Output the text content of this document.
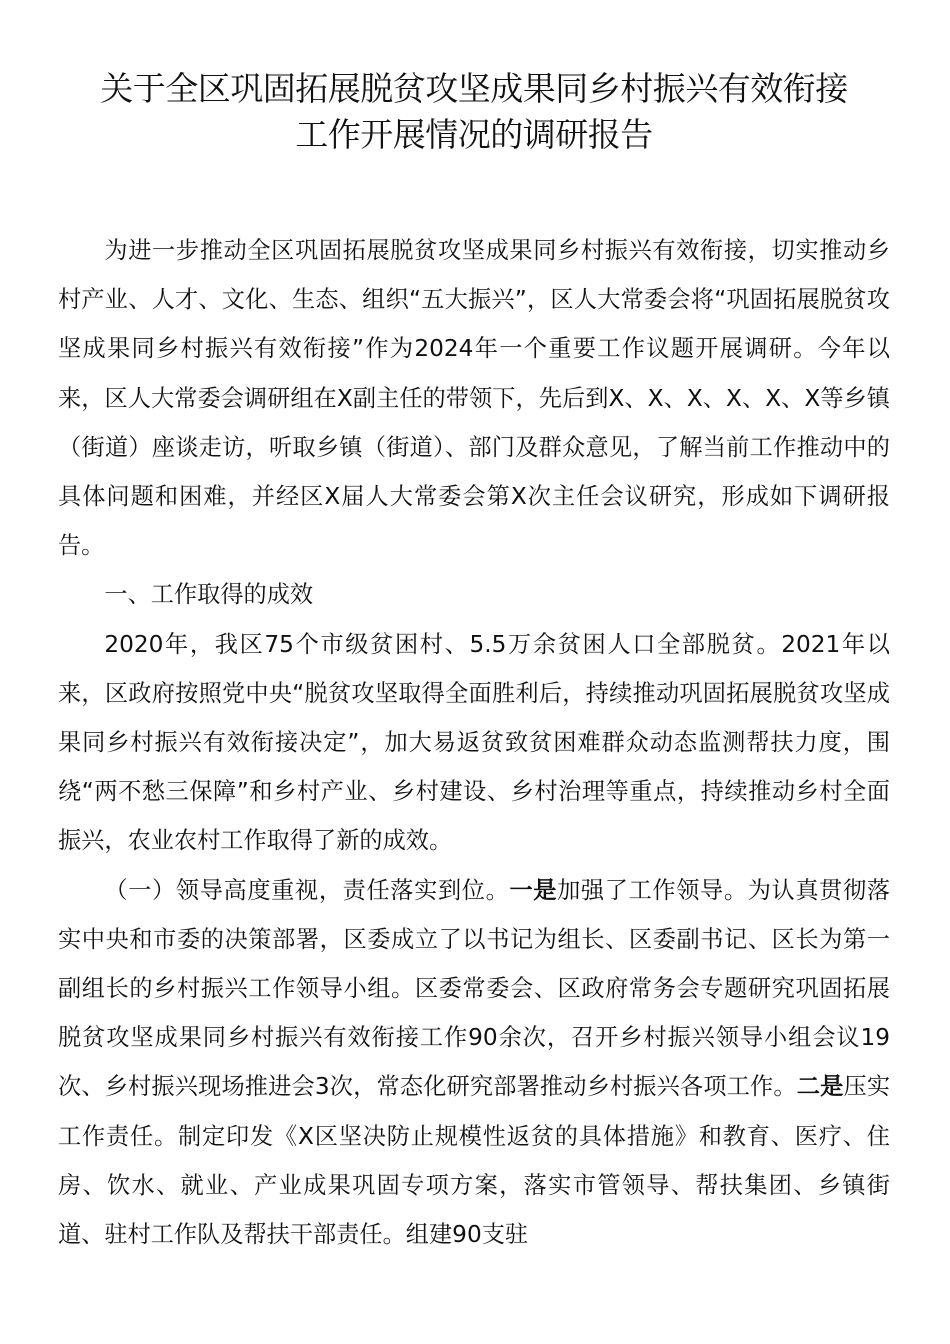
关于全区巩固拓展脱贫攻坚成果同乡村振兴有效衔接
工作开展情况的调研报告

为进一步推动全区巩固拓展脱贫攻坚成果同乡村振兴有效衔接，切实推动乡村产业、人才、文化、生态、组织“五大振兴”，区人大常委会将“巩固拓展脱贫攻坚成果同乡村振兴有效衔接”作为2024年一个重要工作议题开展调研。今年以来，区人大常委会调研组在X副主任的带领下，先后到X、X、X、X、X、X等乡镇（街道）座谈走访，听取乡镇（街道）、部门及群众意见，了解当前工作推动中的具体问题和困难，并经区X届人大常委会第X次主任会议研究，形成如下调研报告。

一、工作取得的成效

2020年，我区75个市级贫困村、5.5万余贫困人口全部脱贫。2021年以来，区政府按照党中央“脱贫攻坚取得全面胜利后，持续推动巩固拓展脱贫攻坚成果同乡村振兴有效衔接决定”，加大易返贫致贫困难群众动态监测帮扶力度，围绕“两不愁三保障”和乡村产业、乡村建设、乡村治理等重点，持续推动乡村全面振兴，农业农村工作取得了新的成效。

（一）领导高度重视，责任落实到位。一是加强了工作领导。为认真贯彻落实中央和市委的决策部署，区委成立了以书记为组长、区委副书记、区长为第一副组长的乡村振兴工作领导小组。区委常委会、区政府常务会专题研究巩固拓展脱贫攻坚成果同乡村振兴有效衔接工作90余次，召开乡村振兴领导小组会议19次、乡村振兴现场推进会3次，常态化研究部署推动乡村振兴各项工作。二是压实工作责任。制定印发《X区坚决防止规模性返贫的具体措施》和教育、医疗、住房、饮水、就业、产业成果巩固专项方案，落实市管领导、帮扶集团、乡镇街道、驻村工作队及帮扶干部责任。组建90支驻
